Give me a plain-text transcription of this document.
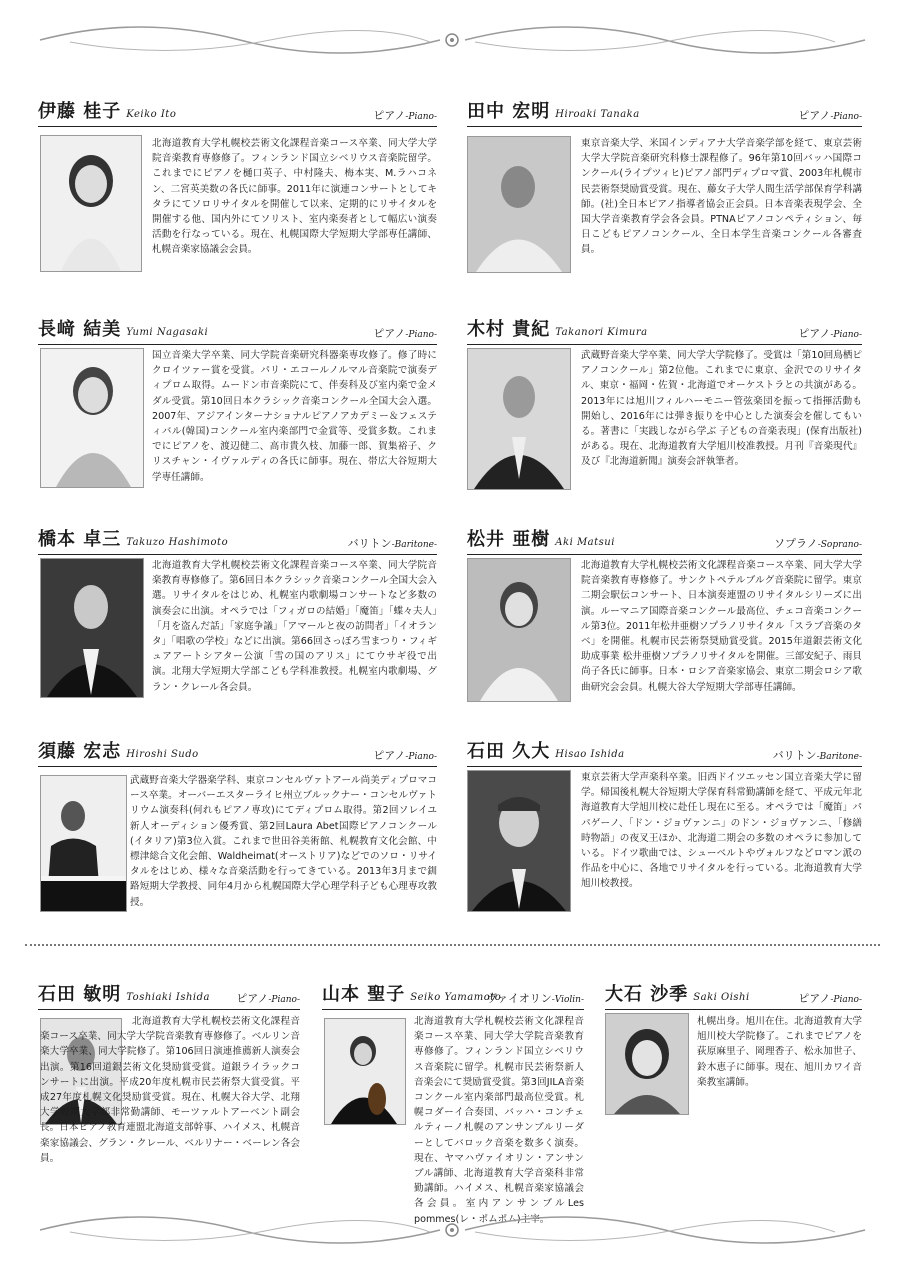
伊藤 桂子 Keiko Ito	ピアノ-Piano-
北海道教育大学札幌校芸術文化課程音楽コース卒業、同大学大学院音楽教育専修修了。フィンランド国立シベリウス音楽院留学。これまでにピアノを樋口英子、中村隆夫、梅本実、M.ラハコネン、二宮英美数の各氏に師事。2011年に演連コンサートとしてキタラにてソロリサイタルを開催して以来、定期的にリサイタルを開催する他、国内外にてソリスト、室内楽奏者として幅広い演奏活動を行なっている。現在、札幌国際大学短期大学部専任講師、札幌音楽家協議会会員。
田中 宏明 Hiroaki Tanaka	ピアノ-Piano-
東京音楽大学、米国インディアナ大学音楽学部を経て、東京芸術大学大学院音楽研究科修士課程修了。96年第10回バッハ国際コンクール(ライプツィヒ)ピアノ部門ディプロマ賞、2003年札幌市民芸術祭奨励賞受賞。現在、藤女子大学人間生活学部保育学科講師。(社)全日本ピアノ指導者協会正会員。日本音楽表現学会、全国大学音楽教育学会各会員。PTNAピアノコンペティション、毎日こどもピアノコンクール、全日本学生音楽コンクール各審査員。
長﨑 結美 Yumi Nagasaki	ピアノ-Piano-
国立音楽大学卒業、同大学院音楽研究科器楽専攻修了。修了時にクロイツァー賞を受賞。パリ・エコールノルマル音楽院で演奏ディプロム取得。ムードン市音楽院にて、伴奏科及び室内楽で金メダル受賞。第10回日本クラシック音楽コンクール全国大会入選。2007年、アジアインターナショナルピアノアカデミー＆フェスティバル(韓国)コンクール室内楽部門で金賞等、受賞多数。これまでにピアノを、渡辺健二、高市貴久枝、加藤一郎、賀集裕子、クリスチャン・イヴァルディの各氏に師事。現在、帯広大谷短期大学専任講師。
木村 貴紀 Takanori Kimura	ピアノ-Piano-
武蔵野音楽大学卒業、同大学大学院修了。受賞は「第10回鳥栖ピアノコンクール」第2位他。これまでに東京、金沢でのリサイタル、東京・福岡・佐賀・北海道でオーケストラとの共演がある。2013年には旭川フィルハーモニー管弦楽団を振って指揮活動も開始し、2016年には弾き振りを中心とした演奏会を催してもいる。著書に「実践しながら学ぶ 子どもの音楽表現」(保育出版社)がある。現在、北海道教育大学旭川校准教授。月刊『音楽現代』及び『北海道新聞』演奏会評執筆者。
橋本 卓三 Takuzo Hashimoto	バリトン-Baritone-
北海道教育大学札幌校芸術文化課程音楽コース卒業、同大学院音楽教育専修修了。第6回日本クラシック音楽コンクール全国大会入選。リサイタルをはじめ、札幌室内歌劇場コンサートなど多数の演奏会に出演。オペラでは「フィガロの結婚」「魔笛」「蝶々夫人」「月を盗んだ話」「家庭争議」「アマールと夜の訪問者」「イオランタ」「唱歌の学校」などに出演。第66回さっぽろ雪まつり・フィギュアアートシアター公演「雪の国のアリス」にてウサギ役で出演。北翔大学短期大学部こども学科准教授。札幌室内歌劇場、グラン・クレール各会員。
松井 亜樹 Aki Matsui	ソプラノ-Soprano-
北海道教育大学札幌校芸術文化課程音楽コース卒業、同大学大学院音楽教育専修修了。サンクトペテルブルグ音楽院に留学。東京二期会駅伝コンサート、日本演奏連盟のリサイタルシリーズに出演。ルーマニア国際音楽コンクール最高位、チェコ音楽コンクール第3位。2011年松井亜樹ソプラノリサイタル「スラブ音楽のタベ」を開催。札幌市民芸術祭奨励賞受賞。2015年道銀芸術文化助成事業 松井亜樹ソプラノリサイタルを開催。三部安紀子、雨貝尚子各氏に師事。日本・ロシア音楽家協会、東京二期会ロシア歌曲研究会会員。札幌大谷大学短期大学部専任講師。
須藤 宏志 Hiroshi Sudo	ピアノ-Piano-
武蔵野音楽大学器楽学科、東京コンセルヴァトアール尚美ディプロマコース卒業。オーバーエスターライヒ州立ブルックナー・コンセルヴァトリウム演奏科(何れもピアノ専攻)にてディプロム取得。第2回ソレイユ新人オーディション優秀賞、第2回Laura Abet国際ピアノコンクール(イタリア)第3位入賞。これまで世田谷美術館、札幌教育文化会館、中標津総合文化会館、Waldheimat(オーストリア)などでのソロ・リサイタルをはじめ、様々な音楽活動を行ってきている。2013年3月まで釧路短期大学教授、同年4月から札幌国際大学心理学科子ども心理専攻教授。
石田 久大 Hisao Ishida	バリトン-Baritone-
東京芸術大学声楽科卒業。旧西ドイツエッセン国立音楽大学に留学。帰国後札幌大谷短期大学保育科常勤講師を経て、平成元年北海道教育大学旭川校に赴任し現在に至る。オペラでは「魔笛」パパゲーノ、「ドン・ジョヴァンニ」のドン・ジョヴァンニ、「修繕時物語」の夜叉王ほか、北海道二期会の多数のオペラに参加している。ドイツ歌曲では、シューベルトやヴォルフなどロマン派の作品を中心に、各地でリサイタルを行っている。北海道教育大学旭川校教授。
石田 敏明 Toshiaki Ishida ピアノ-Piano-
北海道教育大学札幌校芸術文化課程音楽コース卒業、同大学大学院音楽教育専修修了。ベルリン音楽大学卒業、同大学院修了。第106回日演連推薦新人演奏会出演。第16回道銀芸術文化奨励賞受賞。道銀ライラックコンサートに出演。平成20年度札幌市民芸術祭大賞受賞。平成27年度札幌文化奨励賞受賞。現在、札幌大谷大学、北翔大学短期大学部非常勤講師、モーツァルトアーベント副会長。日本ピアノ教育連盟北海道支部幹事、ハイメス、札幌音楽家協議会、グラン・クレール、ベルリナー・ベーレン各会員。
山本 聖子 Seiko Yamamoto
ヴァイオリン-Violin-
北海道教育大学札幌校芸術文化課程音楽コース卒業、同大学大学院音楽教育専修修了。フィンランド国立シベリウス音楽院に留学。札幌市民芸術祭新人音楽会にて奨励賞受賞。第3回JILA音楽コンクール室内楽部門最高位受賞。札幌コダーイ合奏団、バッハ・コンチェルティーノ札幌のアンサンブルリーダーとしてバロック音楽を数多く演奏。現在、ヤマハヴァイオリン・アンサンブル講師、北海道教育大学音楽科非常勤講師。ハイメス、札幌音楽家協議会各会員。室内アンサンブルLes pommes(レ・ポムポム)主宰。
大石 沙季 Saki Oishi	ピアノ-Piano-
札幌出身。旭川在住。北海道教育大学旭川校大学院修了。これまでピアノを荻原麻里子、岡理香子、松永加世子、鈴木恵子に師事。現在、旭川カワイ音楽教室講師。
